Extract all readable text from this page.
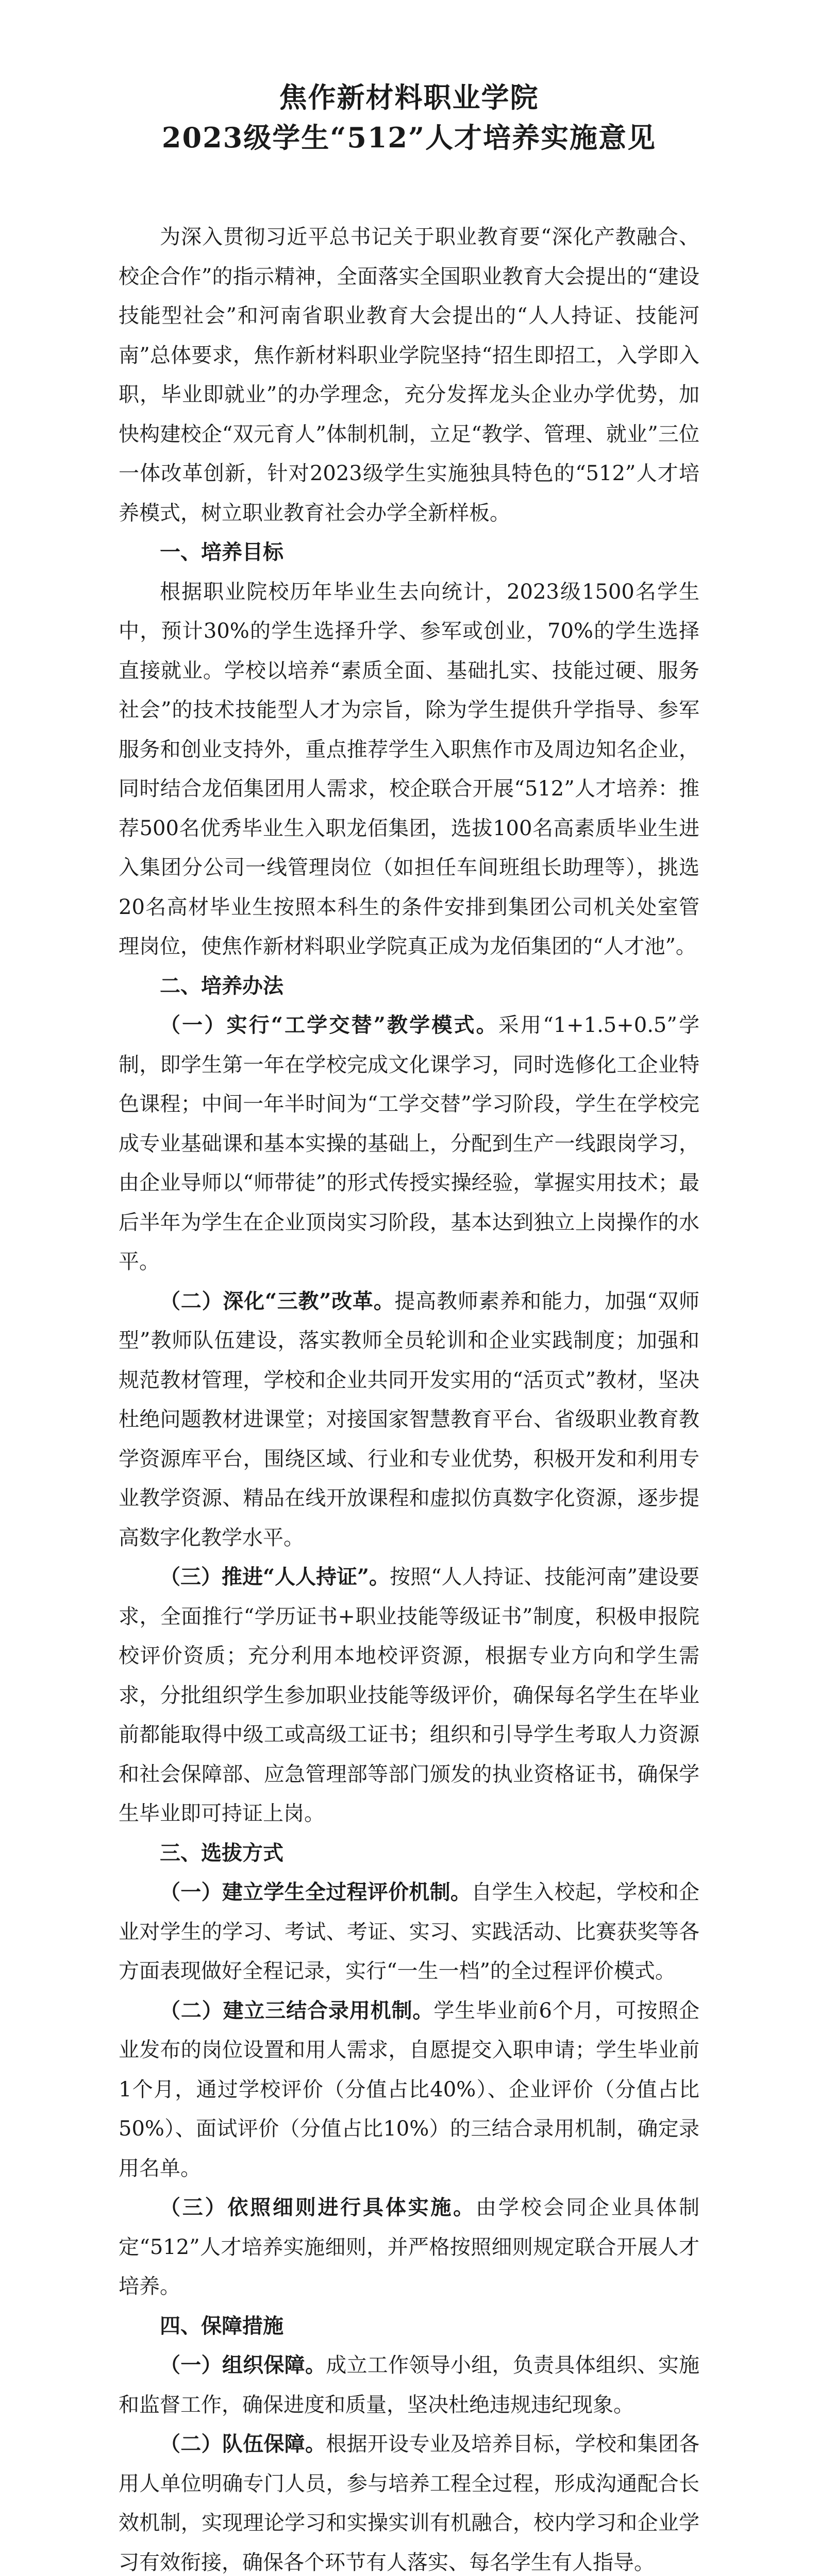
焦作新材料职业学院
2023级学生“512”人才培养实施意见

为深入贯彻习近平总书记关于职业教育要“深化产教融合、校企合作”的指示精神，全面落实全国职业教育大会提出的“建设技能型社会”和河南省职业教育大会提出的“人人持证、技能河南”总体要求，焦作新材料职业学院坚持“招生即招工，入学即入职，毕业即就业”的办学理念，充分发挥龙头企业办学优势，加快构建校企“双元育人”体制机制，立足“教学、管理、就业”三位一体改革创新，针对2023级学生实施独具特色的“512”人才培养模式，树立职业教育社会办学全新样板。

一、培养目标

根据职业院校历年毕业生去向统计，2023级1500名学生中，预计30%的学生选择升学、参军或创业，70%的学生选择直接就业。学校以培养“素质全面、基础扎实、技能过硬、服务社会”的技术技能型人才为宗旨，除为学生提供升学指导、参军服务和创业支持外，重点推荐学生入职焦作市及周边知名企业，同时结合龙佰集团用人需求，校企联合开展“512”人才培养：推荐500名优秀毕业生入职龙佰集团，选拔100名高素质毕业生进入集团分公司一线管理岗位（如担任车间班组长助理等），挑选20名高材毕业生按照本科生的条件安排到集团公司机关处室管理岗位，使焦作新材料职业学院真正成为龙佰集团的“人才池”。

二、培养办法

（一）实行“工学交替”教学模式。采用“1+1.5+0.5”学制，即学生第一年在学校完成文化课学习，同时选修化工企业特色课程；中间一年半时间为“工学交替”学习阶段，学生在学校完成专业基础课和基本实操的基础上，分配到生产一线跟岗学习，由企业导师以“师带徒”的形式传授实操经验，掌握实用技术；最后半年为学生在企业顶岗实习阶段，基本达到独立上岗操作的水平。

（二）深化“三教”改革。提高教师素养和能力，加强“双师型”教师队伍建设，落实教师全员轮训和企业实践制度；加强和规范教材管理，学校和企业共同开发实用的“活页式”教材，坚决杜绝问题教材进课堂；对接国家智慧教育平台、省级职业教育教学资源库平台，围绕区域、行业和专业优势，积极开发和利用专业教学资源、精品在线开放课程和虚拟仿真数字化资源，逐步提高数字化教学水平。

（三）推进“人人持证”。按照“人人持证、技能河南”建设要求，全面推行“学历证书+职业技能等级证书”制度，积极申报院校评价资质；充分利用本地校评资源，根据专业方向和学生需求，分批组织学生参加职业技能等级评价，确保每名学生在毕业前都能取得中级工或高级工证书；组织和引导学生考取人力资源和社会保障部、应急管理部等部门颁发的执业资格证书，确保学生毕业即可持证上岗。

三、选拔方式

（一）建立学生全过程评价机制。自学生入校起，学校和企业对学生的学习、考试、考证、实习、实践活动、比赛获奖等各方面表现做好全程记录，实行“一生一档”的全过程评价模式。

（二）建立三结合录用机制。学生毕业前6个月，可按照企业发布的岗位设置和用人需求，自愿提交入职申请；学生毕业前1个月，通过学校评价（分值占比40%）、企业评价（分值占比50%）、面试评价（分值占比10%）的三结合录用机制，确定录用名单。

（三）依照细则进行具体实施。由学校会同企业具体制定“512”人才培养实施细则，并严格按照细则规定联合开展人才培养。

四、保障措施

（一）组织保障。成立工作领导小组，负责具体组织、实施和监督工作，确保进度和质量，坚决杜绝违规违纪现象。

（二）队伍保障。根据开设专业及培养目标，学校和集团各用人单位明确专门人员，参与培养工程全过程，形成沟通配合长效机制，实现理论学习和实操实训有机融合，校内学习和企业学习有效衔接，确保各个环节有人落实、每名学生有人指导。
